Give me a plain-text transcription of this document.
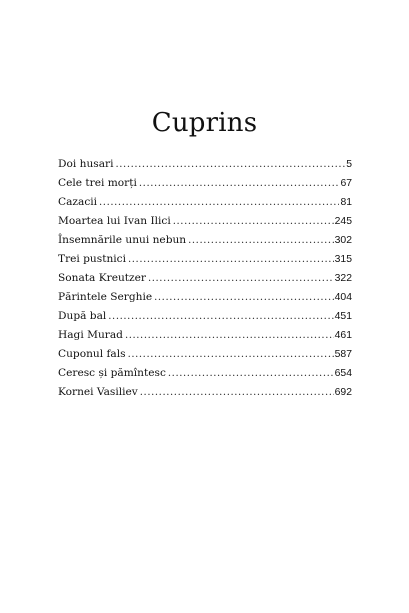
Cuprins
Doi husari .....	5
Cele trei morți .....	67
Cazacii .....	81
Moartea lui Ivan Ilici .....	245
Însemnările unui nebun .....	302
Trei pustnici .....	315
Sonata Kreutzer .....	322
Părintele Serghie .....	404
După bal .....	451
Hagi Murad .....	461
Cuponul fals .....	587
Ceresc și pămîntesc .....	654
Kornei Vasiliev .....	692
